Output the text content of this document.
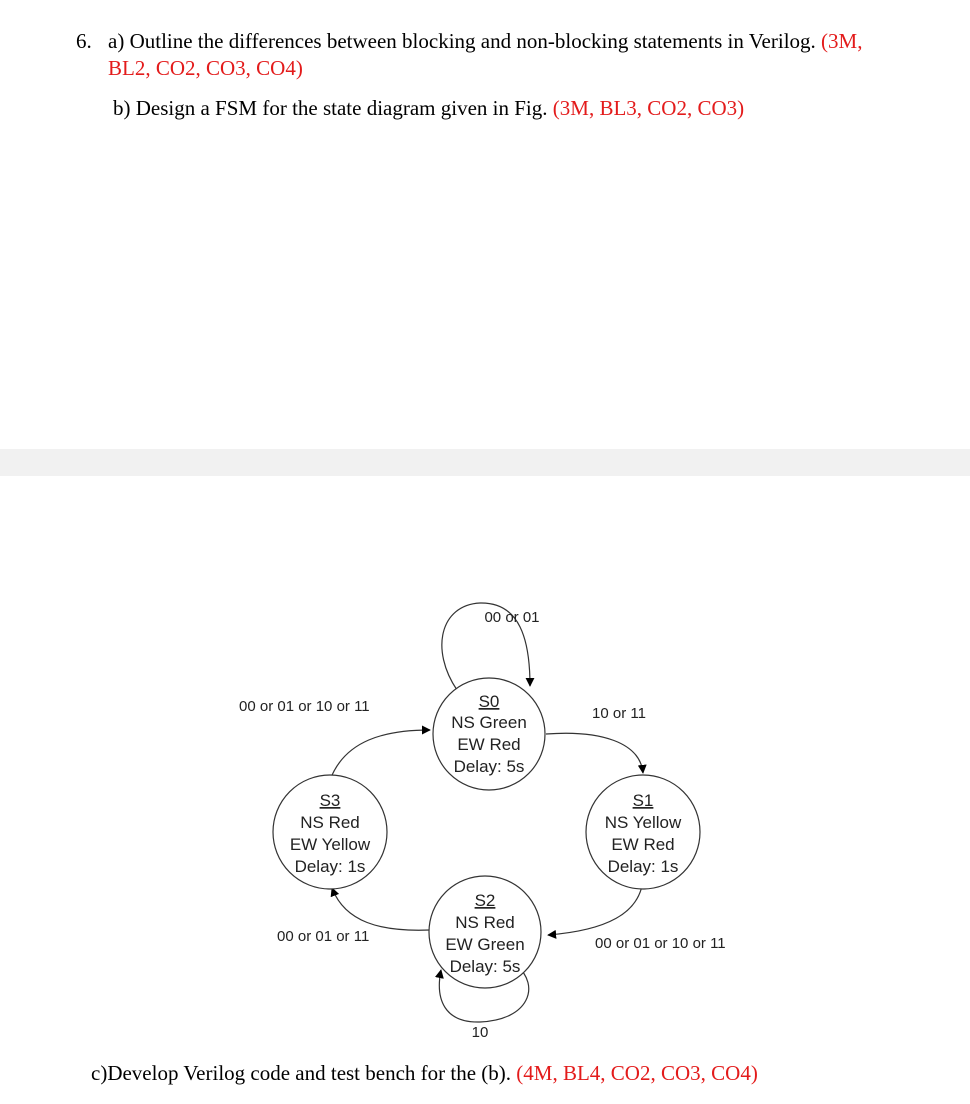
6. a) Outline the differences between blocking and non-blocking statements in Verilog. (3M, BL2, CO2, CO3, CO4)
b) Design a FSM for the state diagram given in Fig. (3M, BL3, CO2, CO3)
S0
NS Green
EW Red
Delay: 5s
S1
NS Yellow
EW Red
Delay: 1s
S2
NS Red
EW Green
Delay: 5s
S3
NS Red
EW Yellow
Delay: 1s
00 or 01
10 or 11
00 or 01 or 10 or 11
10
00 or 01 or 11
00 or 01 or 10 or 11
c)Develop Verilog code and test bench for the (b). (4M, BL4, CO2, CO3, CO4)
